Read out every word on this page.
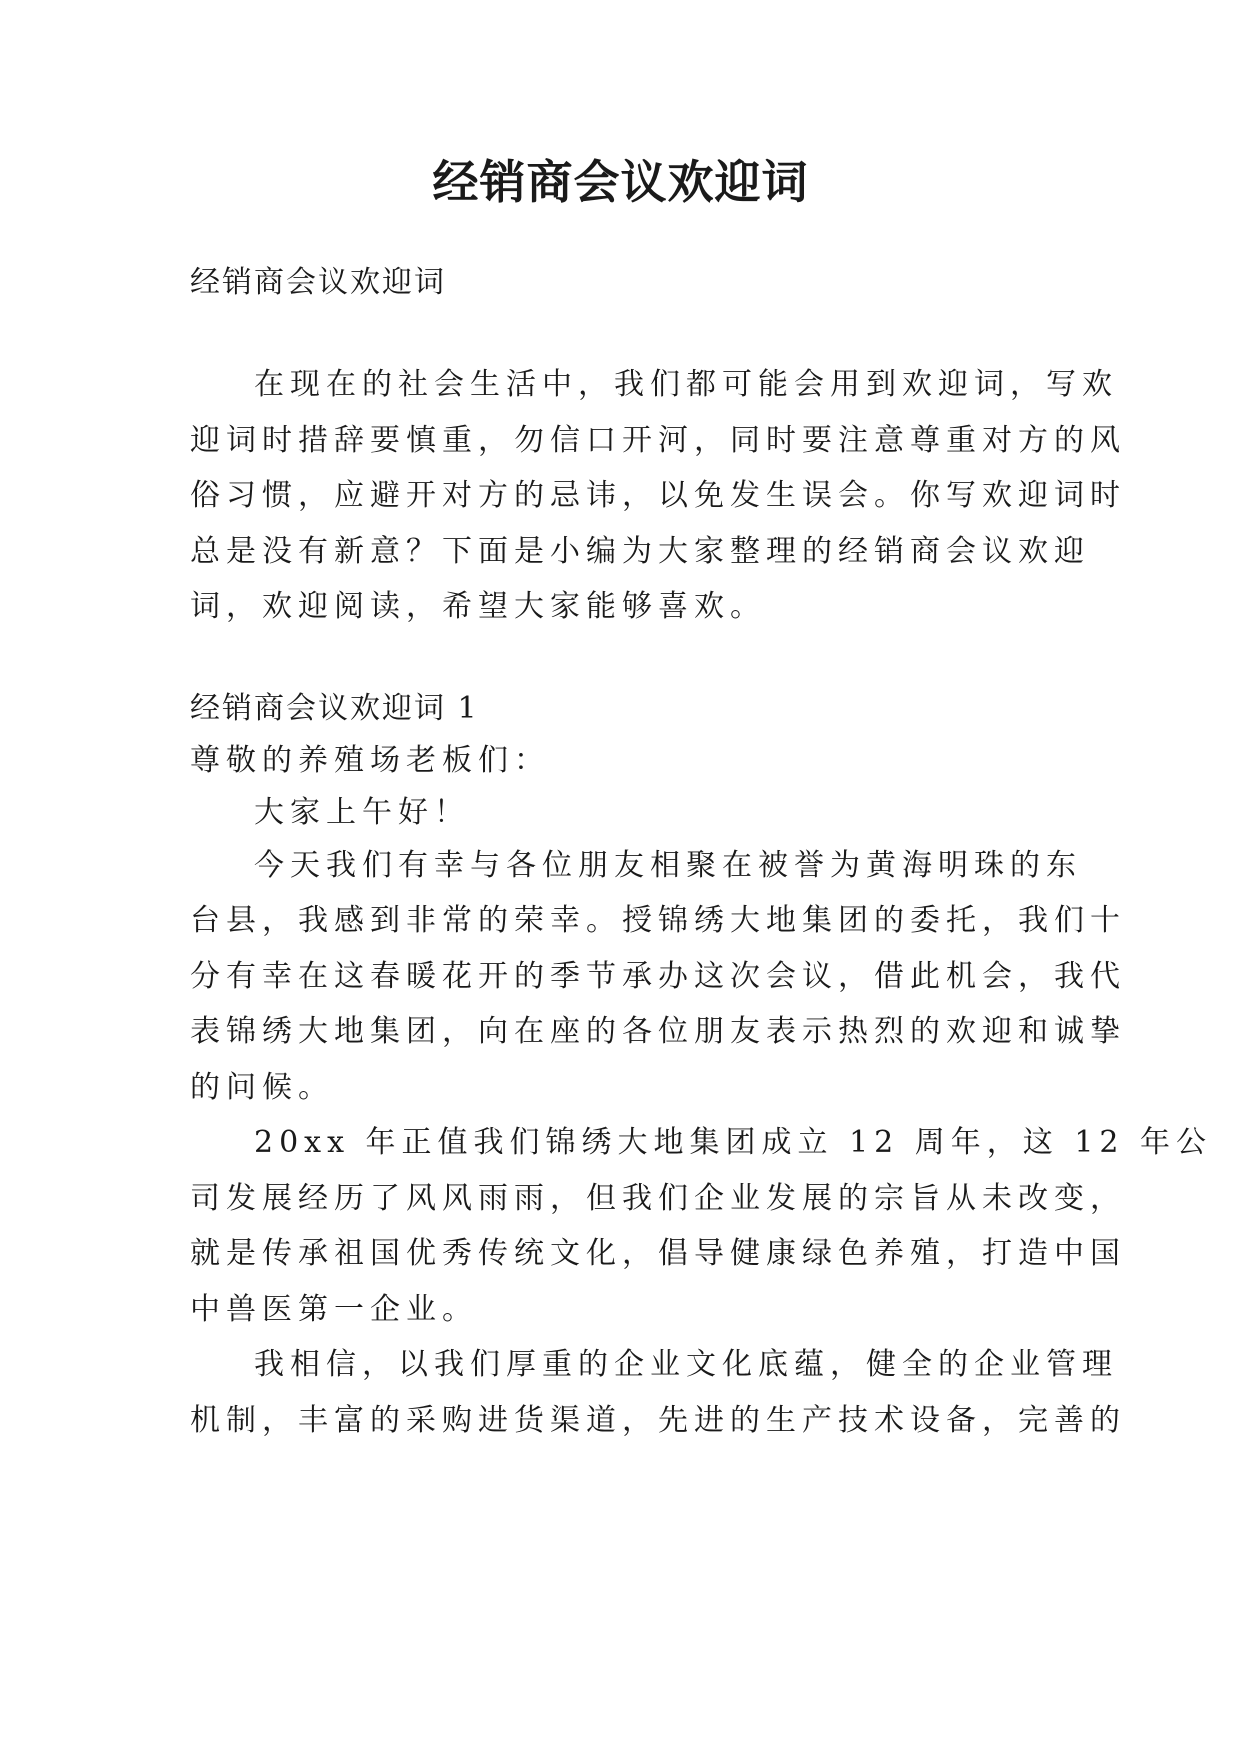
经销商会议欢迎词
经销商会议欢迎词
在现在的社会生活中，我们都可能会用到欢迎词，写欢
迎词时措辞要慎重，勿信口开河，同时要注意尊重对方的风
俗习惯，应避开对方的忌讳，以免发生误会。你写欢迎词时
总是没有新意？下面是小编为大家整理的经销商会议欢迎
词，欢迎阅读，希望大家能够喜欢。
经销商会议欢迎词 1
尊敬的养殖场老板们：
大家上午好！
今天我们有幸与各位朋友相聚在被誉为黄海明珠的东
台县，我感到非常的荣幸。授锦绣大地集团的委托，我们十
分有幸在这春暖花开的季节承办这次会议，借此机会，我代
表锦绣大地集团，向在座的各位朋友表示热烈的欢迎和诚挚
的问候。
20xx 年正值我们锦绣大地集团成立 12 周年，这 12 年公
司发展经历了风风雨雨，但我们企业发展的宗旨从未改变，
就是传承祖国优秀传统文化，倡导健康绿色养殖，打造中国
中兽医第一企业。
我相信，以我们厚重的企业文化底蕴，健全的企业管理
机制，丰富的采购进货渠道，先进的生产技术设备，完善的
